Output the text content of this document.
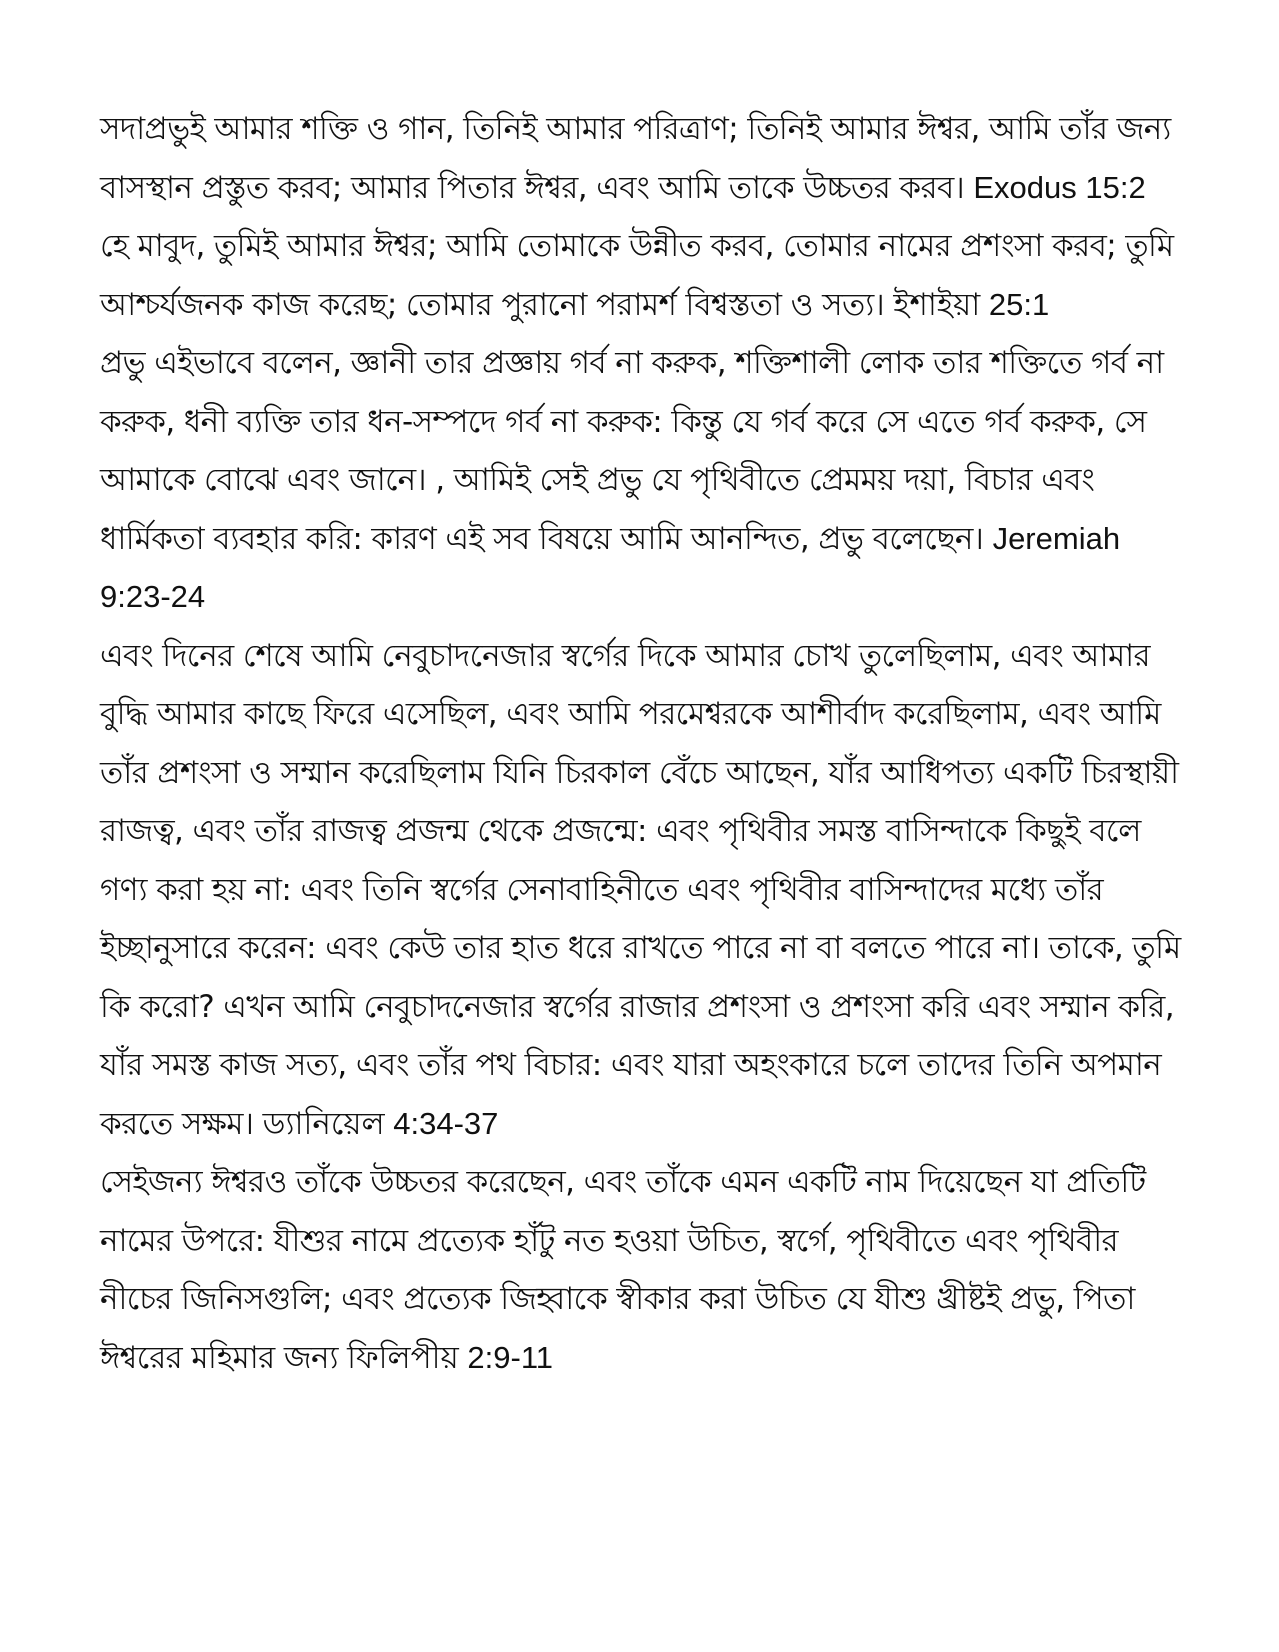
সদাপ্রভুই আমার শক্তি ও গান, তিনিই আমার পরিত্রাণ; তিনিই আমার ঈশ্বর, আমি তাঁর জন্য বাসস্থান প্রস্তুত করব; আমার পিতার ঈশ্বর, এবং আমি তাকে উচ্চতর করব। Exodus 15:2

হে মাবুদ, তুমিই আমার ঈশ্বর; আমি তোমাকে উন্নীত করব, তোমার নামের প্রশংসা করব; তুমি আশ্চর্যজনক কাজ করেছ; তোমার পুরানো পরামর্শ বিশ্বস্ততা ও সত্য। ইশাইয়া 25:1

প্রভু এইভাবে বলেন, জ্ঞানী তার প্রজ্ঞায় গর্ব না করুক, শক্তিশালী লোক তার শক্তিতে গর্ব না করুক, ধনী ব্যক্তি তার ধন-সম্পদে গর্ব না করুক: কিন্তু যে গর্ব করে সে এতে গর্ব করুক, সে আমাকে বোঝে এবং জানে। , আমিই সেই প্রভু যে পৃথিবীতে প্রেমময় দয়া, বিচার এবং ধার্মিকতা ব্যবহার করি: কারণ এই সব বিষয়ে আমি আনন্দিত, প্রভু বলেছেন। Jeremiah 9:23-24

এবং দিনের শেষে আমি নেবুচাদনেজার স্বর্গের দিকে আমার চোখ তুলেছিলাম, এবং আমার বুদ্ধি আমার কাছে ফিরে এসেছিল, এবং আমি পরমেশ্বরকে আশীর্বাদ করেছিলাম, এবং আমি তাঁর প্রশংসা ও সম্মান করেছিলাম যিনি চিরকাল বেঁচে আছেন, যাঁর আধিপত্য একটি চিরস্থায়ী রাজত্ব, এবং তাঁর রাজত্ব প্রজন্ম থেকে প্রজন্মে: এবং পৃথিবীর সমস্ত বাসিন্দাকে কিছুই বলে গণ্য করা হয় না: এবং তিনি স্বর্গের সেনাবাহিনীতে এবং পৃথিবীর বাসিন্দাদের মধ্যে তাঁর ইচ্ছানুসারে করেন: এবং কেউ তার হাত ধরে রাখতে পারে না বা বলতে পারে না। তাকে, তুমি কি করো? এখন আমি নেবুচাদনেজার স্বর্গের রাজার প্রশংসা ও প্রশংসা করি এবং সম্মান করি, যাঁর সমস্ত কাজ সত্য, এবং তাঁর পথ বিচার: এবং যারা অহংকারে চলে তাদের তিনি অপমান করতে সক্ষম। ড্যানিয়েল 4:34-37

সেইজন্য ঈশ্বরও তাঁকে উচ্চতর করেছেন, এবং তাঁকে এমন একটি নাম দিয়েছেন যা প্রতিটি নামের উপরে: যীশুর নামে প্রত্যেক হাঁটু নত হওয়া উচিত, স্বর্গে, পৃথিবীতে এবং পৃথিবীর নীচের জিনিসগুলি; এবং প্রত্যেক জিহ্বাকে স্বীকার করা উচিত যে যীশু খ্রীষ্টই প্রভু, পিতা ঈশ্বরের মহিমার জন্য ফিলিপীয় 2:9-11
